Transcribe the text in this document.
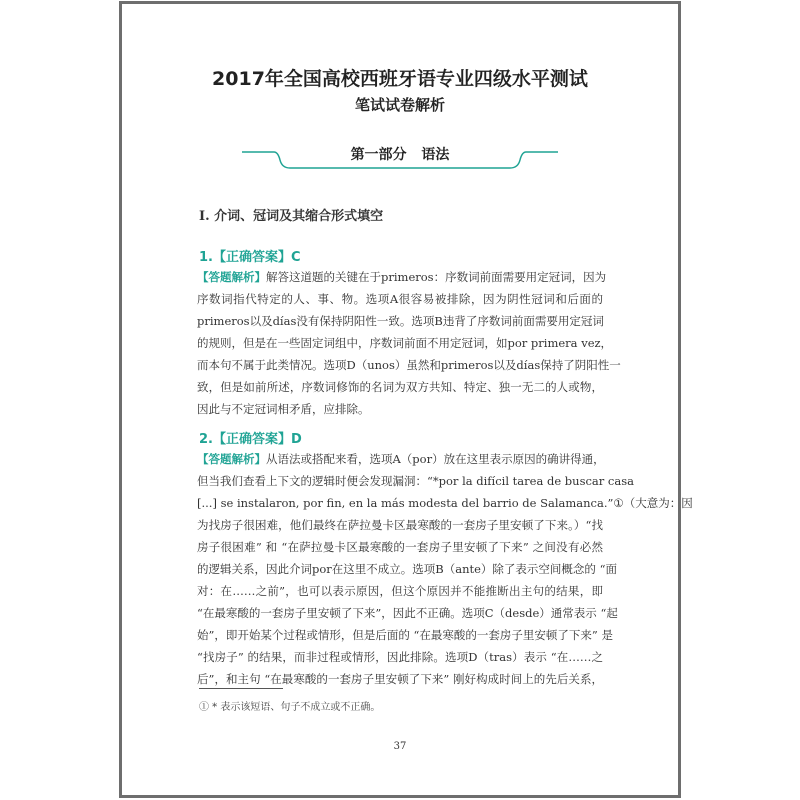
2017年全国高校西班牙语专业四级水平测试
笔试试卷解析
第一部分 语法
I. 介词、冠词及其缩合形式填空
1.【正确答案】C
【答题解析】解答这道题的关键在于primeros：序数词前面需要用定冠词，因为
序数词指代特定的人、事、物。选项A很容易被排除，因为阴性冠词和后面的
primeros以及días没有保持阴阳性一致。选项B违背了序数词前面需要用定冠词
的规则，但是在一些固定词组中，序数词前面不用定冠词，如por primera vez，
而本句不属于此类情况。选项D（unos）虽然和primeros以及días保持了阴阳性一
致，但是如前所述，序数词修饰的名词为双方共知、特定、独一无二的人或物，
因此与不定冠词相矛盾，应排除。
2.【正确答案】D
【答题解析】从语法或搭配来看，选项A（por）放在这里表示原因的确讲得通，
但当我们查看上下文的逻辑时便会发现漏洞：“*por la difícil tarea de buscar casa
[...] se instalaron, por fin, en la más modesta del barrio de Salamanca.”①（大意为：因
为找房子很困难，他们最终在萨拉曼卡区最寒酸的一套房子里安顿了下来。）“找
房子很困难” 和 “在萨拉曼卡区最寒酸的一套房子里安顿了下来” 之间没有必然
的逻辑关系，因此介词por在这里不成立。选项B（ante）除了表示空间概念的 “面
对：在……之前”，也可以表示原因，但这个原因并不能推断出主句的结果，即
“在最寒酸的一套房子里安顿了下来”，因此不正确。选项C（desde）通常表示 “起
始”，即开始某个过程或情形，但是后面的 “在最寒酸的一套房子里安顿了下来” 是
“找房子” 的结果，而非过程或情形，因此排除。选项D（tras）表示 “在……之
后”，和主句 “在最寒酸的一套房子里安顿了下来” 刚好构成时间上的先后关系，
① * 表示该短语、句子不成立或不正确。
37
